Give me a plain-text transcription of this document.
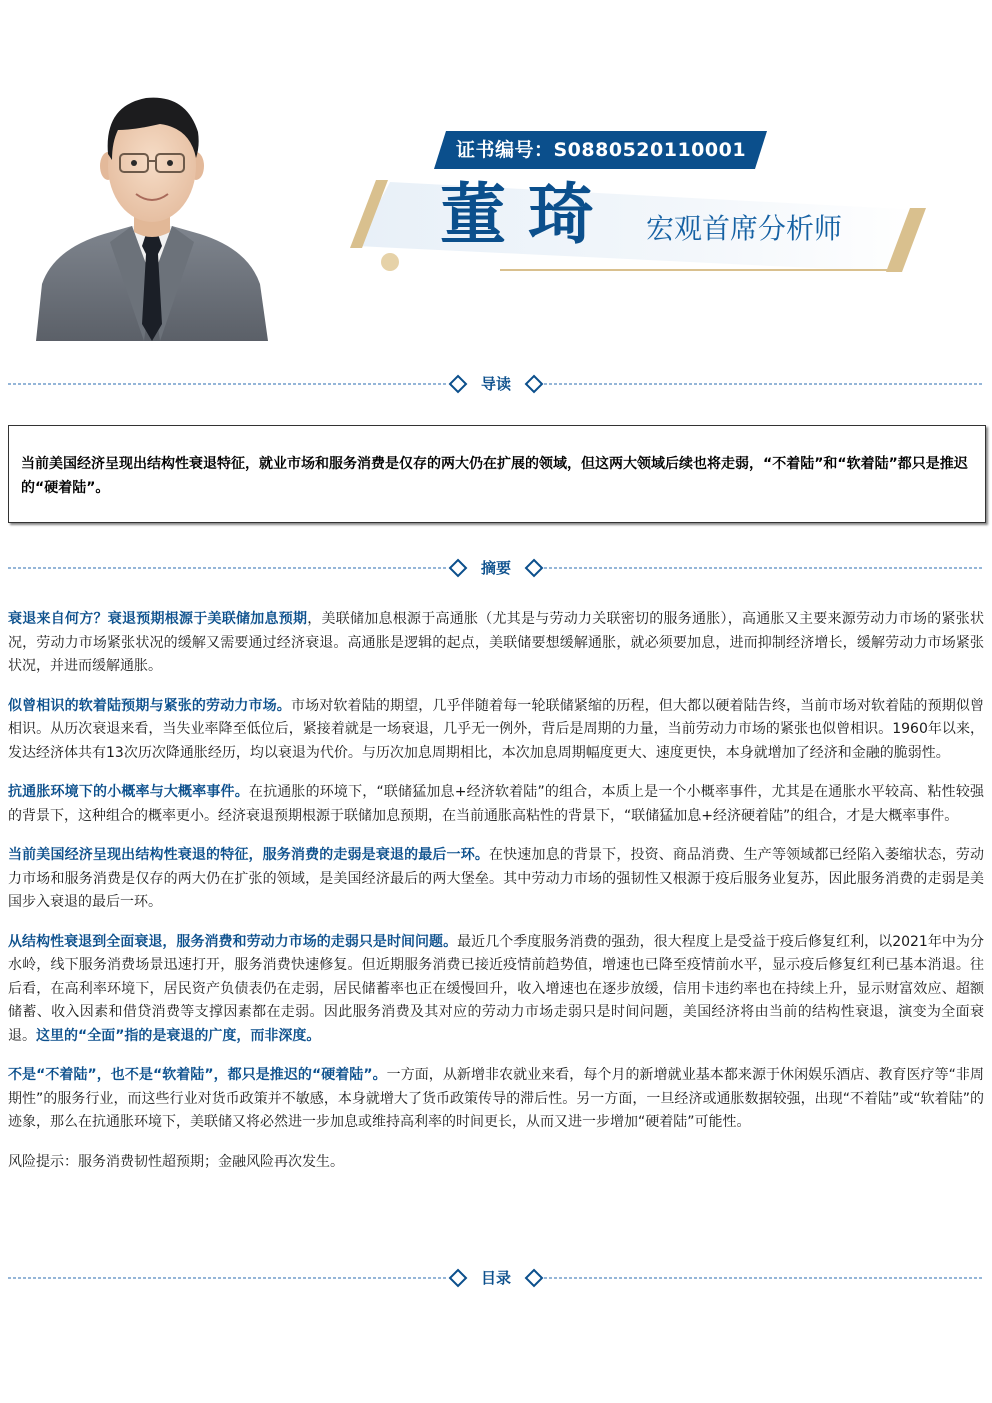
证书编号：S0880520110001
董琦 宏观首席分析师
导读

当前美国经济呈现出结构性衰退特征，就业市场和服务消费是仅存的两大仍在扩展的领域，但这两大领域后续也将走弱，“不着陆”和“软着陆”都只是推迟的“硬着陆”。

摘要

衰退来自何方？衰退预期根源于美联储加息预期，美联储加息根源于高通胀（尤其是与劳动力关联密切的服务通胀），高通胀又主要来源劳动力市场的紧张状况，劳动力市场紧张状况的缓解又需要通过经济衰退。高通胀是逻辑的起点，美联储要想缓解通胀，就必须要加息，进而抑制经济增长，缓解劳动力市场紧张状况，并进而缓解通胀。

似曾相识的软着陆预期与紧张的劳动力市场。市场对软着陆的期望，几乎伴随着每一轮联储紧缩的历程，但大都以硬着陆告终，当前市场对软着陆的预期似曾相识。从历次衰退来看，当失业率降至低位后，紧接着就是一场衰退，几乎无一例外，背后是周期的力量，当前劳动力市场的紧张也似曾相识。1960年以来，发达经济体共有13次历次降通胀经历，均以衰退为代价。与历次加息周期相比，本次加息周期幅度更大、速度更快，本身就增加了经济和金融的脆弱性。

抗通胀环境下的小概率与大概率事件。在抗通胀的环境下，“联储猛加息+经济软着陆”的组合，本质上是一个小概率事件，尤其是在通胀水平较高、粘性较强的背景下，这种组合的概率更小。经济衰退预期根源于联储加息预期，在当前通胀高粘性的背景下，“联储猛加息+经济硬着陆”的组合，才是大概率事件。

当前美国经济呈现出结构性衰退的特征，服务消费的走弱是衰退的最后一环。在快速加息的背景下，投资、商品消费、生产等领域都已经陷入萎缩状态，劳动力市场和服务消费是仅存的两大仍在扩张的领域，是美国经济最后的两大堡垒。其中劳动力市场的强韧性又根源于疫后服务业复苏，因此服务消费的走弱是美国步入衰退的最后一环。

从结构性衰退到全面衰退，服务消费和劳动力市场的走弱只是时间问题。最近几个季度服务消费的强劲，很大程度上是受益于疫后修复红利，以2021年中为分水岭，线下服务消费场景迅速打开，服务消费快速修复。但近期服务消费已接近疫情前趋势值，增速也已降至疫情前水平，显示疫后修复红利已基本消退。往后看，在高利率环境下，居民资产负债表仍在走弱，居民储蓄率也正在缓慢回升，收入增速也在逐步放缓，信用卡违约率也在持续上升，显示财富效应、超额储蓄、收入因素和借贷消费等支撑因素都在走弱。因此服务消费及其对应的劳动力市场走弱只是时间问题，美国经济将由当前的结构性衰退，演变为全面衰退。这里的“全面”指的是衰退的广度，而非深度。

不是“不着陆”，也不是“软着陆”，都只是推迟的“硬着陆”。一方面，从新增非农就业来看，每个月的新增就业基本都来源于休闲娱乐酒店、教育医疗等“非周期性”的服务行业，而这些行业对货币政策并不敏感，本身就增大了货币政策传导的滞后性。另一方面，一旦经济或通胀数据较强，出现“不着陆”或“软着陆”的迹象，那么在抗通胀环境下，美联储又将必然进一步加息或维持高利率的时间更长，从而又进一步增加“硬着陆”可能性。

风险提示：服务消费韧性超预期；金融风险再次发生。

目录
